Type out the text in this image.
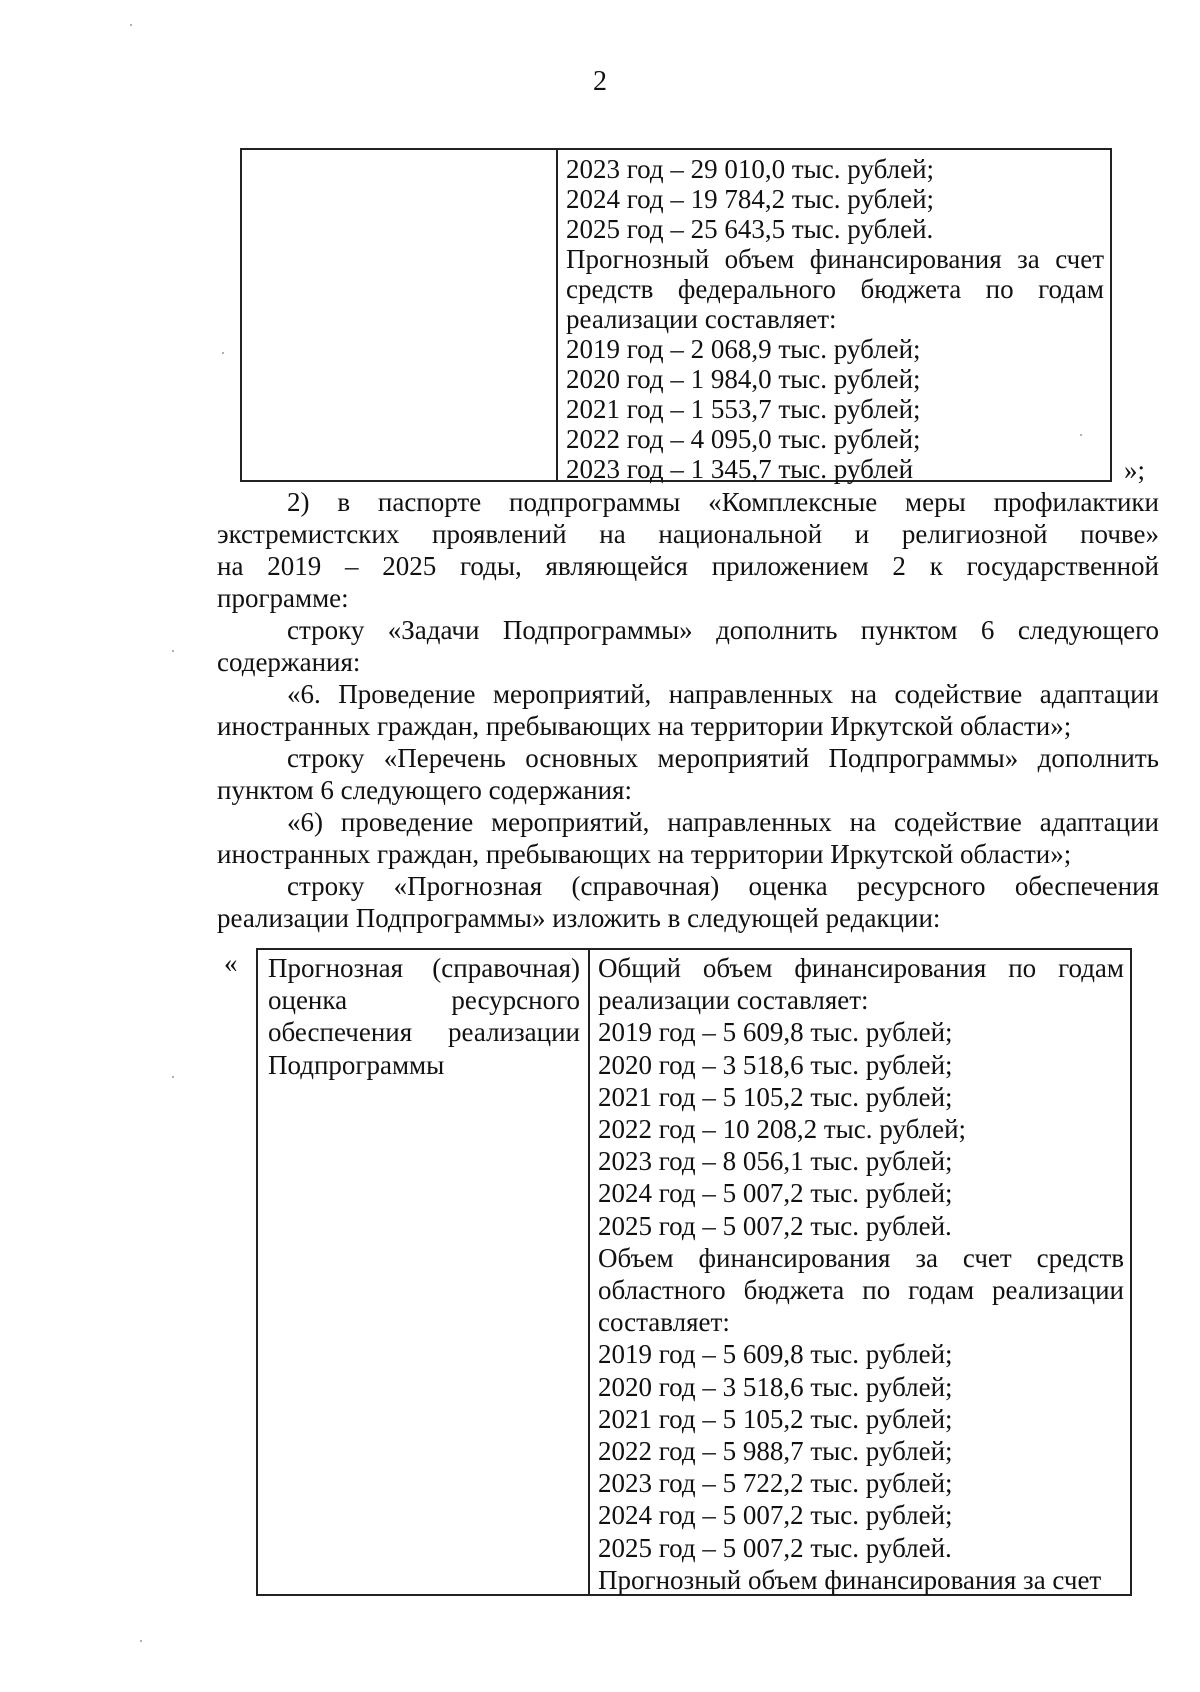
2
2023 год – 29 010,0 тыс. рублей;
2024 год – 19 784,2 тыс. рублей;
2025 год – 25 643,5 тыс. рублей.
Прогнозный объем финансирования за счет
средств федерального бюджета по годам
реализации составляет:
2019 год – 2 068,9 тыс. рублей;
2020 год – 1 984,0 тыс. рублей;
2021 год – 1 553,7 тыс. рублей;
2022 год – 4 095,0 тыс. рублей;
2023 год – 1 345,7 тыс. рублей	»;
2) в паспорте подпрограммы «Комплексные меры профилактики
экстремистских проявлений на национальной и религиозной почве»
на 2019 – 2025 годы, являющейся приложением 2 к государственной
программе:
строку «Задачи Подпрограммы» дополнить пунктом 6 следующего
содержания:
«6. Проведение мероприятий, направленных на содействие адаптации
иностранных граждан, пребывающих на территории Иркутской области»;
строку «Перечень основных мероприятий Подпрограммы» дополнить
пунктом 6 следующего содержания:
«6) проведение мероприятий, направленных на содействие адаптации
иностранных граждан, пребывающих на территории Иркутской области»;
строку «Прогнозная (справочная) оценка ресурсного обеспечения
реализации Подпрограммы» изложить в следующей редакции:
« Прогнозная (справочная)
оценка ресурсного
обеспечения реализации
Подпрограммы
Общий объем финансирования по годам
реализации составляет:
2019 год – 5 609,8 тыс. рублей;
2020 год – 3 518,6 тыс. рублей;
2021 год – 5 105,2 тыс. рублей;
2022 год – 10 208,2 тыс. рублей;
2023 год – 8 056,1 тыс. рублей;
2024 год – 5 007,2 тыс. рублей;
2025 год – 5 007,2 тыс. рублей.
Объем финансирования за счет средств
областного бюджета по годам реализации
составляет:
2019 год – 5 609,8 тыс. рублей;
2020 год – 3 518,6 тыс. рублей;
2021 год – 5 105,2 тыс. рублей;
2022 год – 5 988,7 тыс. рублей;
2023 год – 5 722,2 тыс. рублей;
2024 год – 5 007,2 тыс. рублей;
2025 год – 5 007,2 тыс. рублей.
Прогнозный объем финансирования за счет
